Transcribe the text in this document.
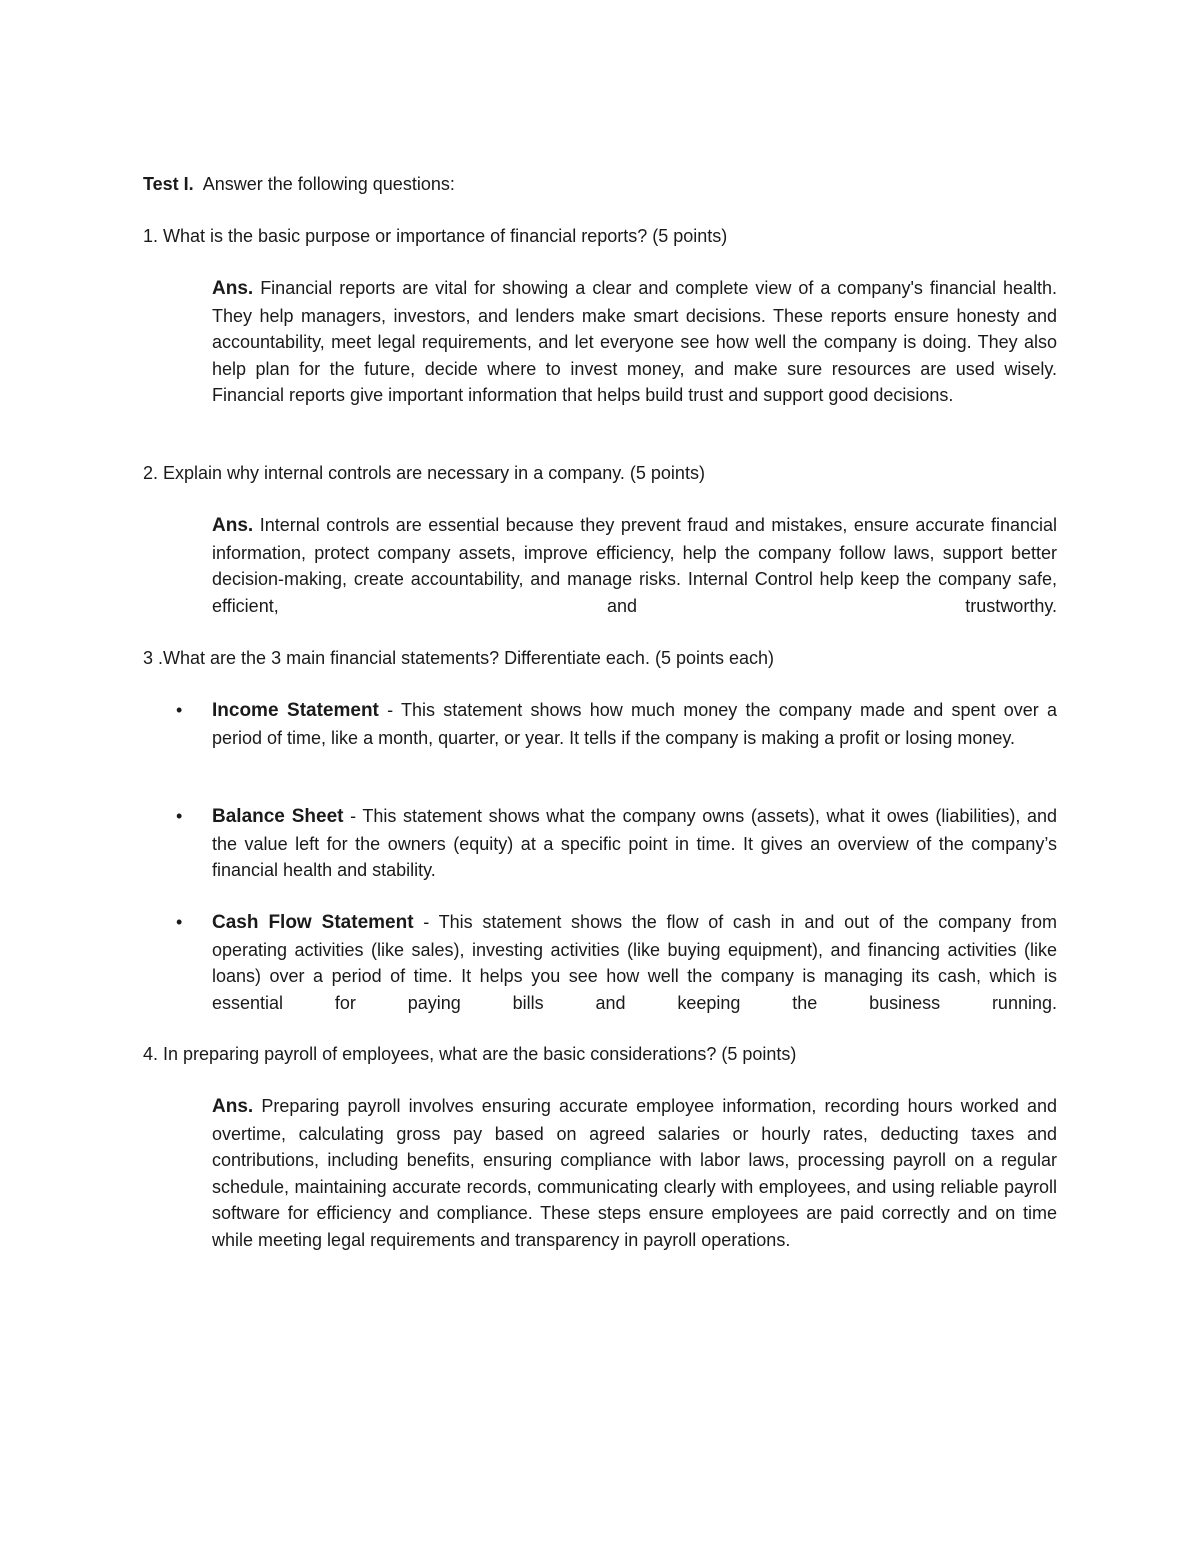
Test I. Answer the following questions:
1. What is the basic purpose or importance of financial reports? (5 points)
Ans. Financial reports are vital for showing a clear and complete view of a company's financial health. They help managers, investors, and lenders make smart decisions. These reports ensure honesty and accountability, meet legal requirements, and let everyone see how well the company is doing. They also help plan for the future, decide where to invest money, and make sure resources are used wisely. Financial reports give important information that helps build trust and support good decisions.
2. Explain why internal controls are necessary in a company. (5 points)
Ans. Internal controls are essential because they prevent fraud and mistakes, ensure accurate financial information, protect company assets, improve efficiency, help the company follow laws, support better decision-making, create accountability, and manage risks. Internal Control help keep the company safe, efficient, and trustworthy.
3 .What are the 3 main financial statements? Differentiate each. (5 points each)
• Income Statement - This statement shows how much money the company made and spent over a period of time, like a month, quarter, or year. It tells if the company is making a profit or losing money.
• Balance Sheet - This statement shows what the company owns (assets), what it owes (liabilities), and the value left for the owners (equity) at a specific point in time. It gives an overview of the company’s financial health and stability.
• Cash Flow Statement - This statement shows the flow of cash in and out of the company from operating activities (like sales), investing activities (like buying equipment), and financing activities (like loans) over a period of time. It helps you see how well the company is managing its cash, which is essential for paying bills and keeping the business running.
4. In preparing payroll of employees, what are the basic considerations? (5 points)
Ans. Preparing payroll involves ensuring accurate employee information, recording hours worked and overtime, calculating gross pay based on agreed salaries or hourly rates, deducting taxes and contributions, including benefits, ensuring compliance with labor laws, processing payroll on a regular schedule, maintaining accurate records, communicating clearly with employees, and using reliable payroll software for efficiency and compliance. These steps ensure employees are paid correctly and on time while meeting legal requirements and transparency in payroll operations.
